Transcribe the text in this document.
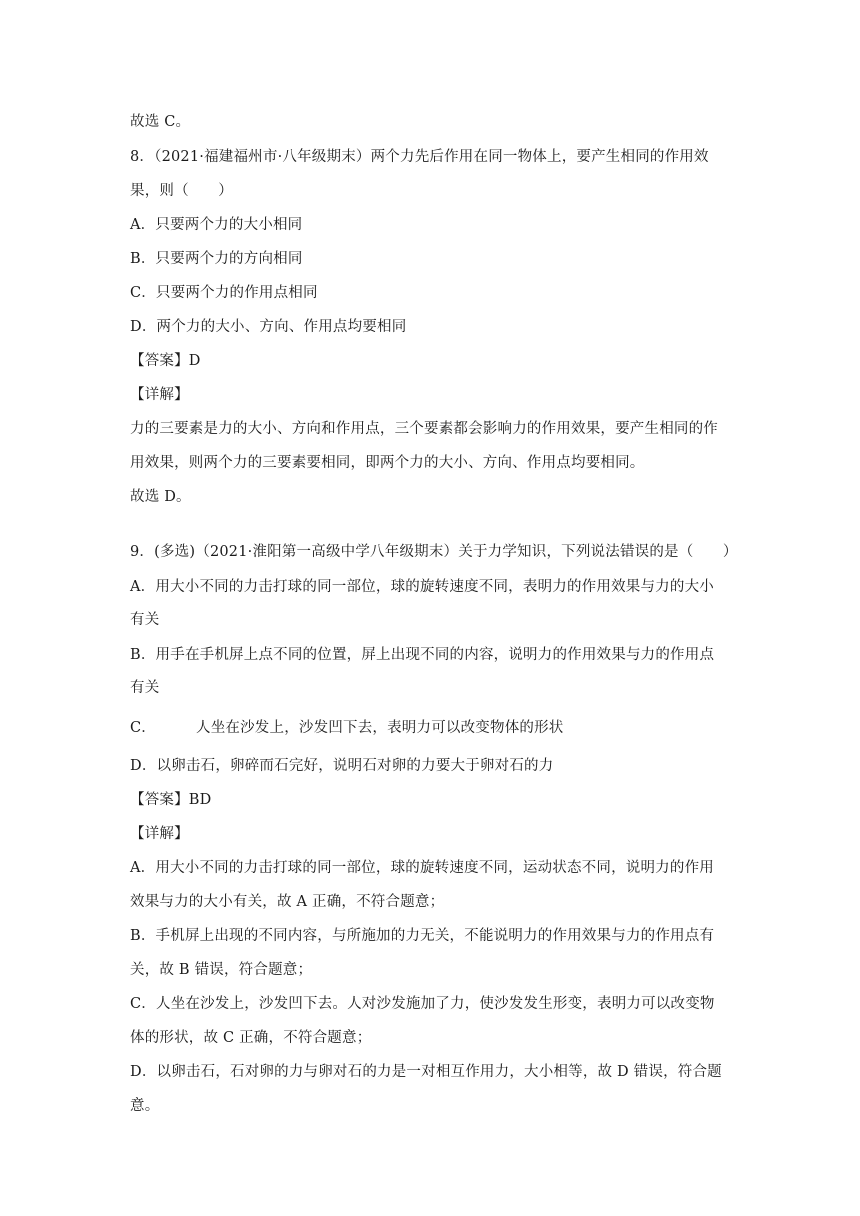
故选 C。
8．（2021·福建福州市·八年级期末）两个力先后作用在同一物体上，要产生相同的作用效
果，则（　　）
A．只要两个力的大小相同
B．只要两个力的方向相同
C．只要两个力的作用点相同
D．两个力的大小、方向、作用点均要相同
【答案】D
【详解】
力的三要素是力的大小、方向和作用点，三个要素都会影响力的作用效果，要产生相同的作
用效果，则两个力的三要素要相同，即两个力的大小、方向、作用点均要相同。
故选 D。
9．(多选)（2021·淮阳第一高级中学八年级期末）关于力学知识，下列说法错误的是（　　）
A．用大小不同的力击打球的同一部位，球的旋转速度不同，表明力的作用效果与力的大小
有关
B．用手在手机屏上点不同的位置，屏上出现不同的内容，说明力的作用效果与力的作用点
有关
C．	人坐在沙发上，沙发凹下去，表明力可以改变物体的形状
D．以卵击石，卵碎而石完好，说明石对卵的力要大于卵对石的力
【答案】BD
【详解】
A．用大小不同的力击打球的同一部位，球的旋转速度不同，运动状态不同，说明力的作用
效果与力的大小有关，故 A 正确，不符合题意；
B．手机屏上出现的不同内容，与所施加的力无关，不能说明力的作用效果与力的作用点有
关，故 B 错误，符合题意；
C．人坐在沙发上，沙发凹下去。人对沙发施加了力，使沙发发生形变，表明力可以改变物
体的形状，故 C 正确，不符合题意；
D．以卵击石，石对卵的力与卵对石的力是一对相互作用力，大小相等，故 D 错误，符合题
意。
